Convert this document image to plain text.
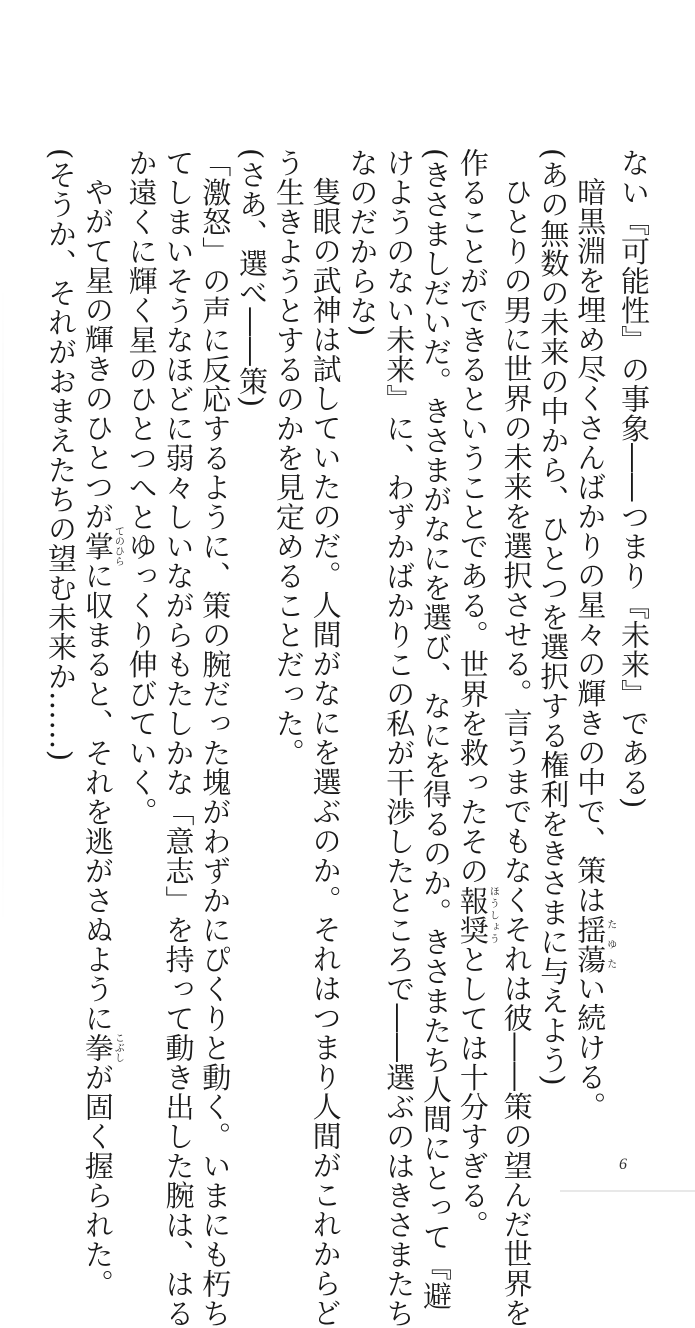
ない『可能性』の事象――つまり『未来』である)
暗黒淵を埋め尽くさんばかりの星々の輝きの中で、策は揺蕩たゆたい続ける。
(あの無数の未来の中から、ひとつを選択する権利をきさまに与えよう)
ひとりの男に世界の未来を選択させる。言うまでもなくそれは彼――策の望んだ世界を
作ることができるということである。世界を救ったその報奨ほうしょうとしては十分すぎる。
(きさましだいだ。きさまがなにを選び、なにを得るのか。きさまたち人間にとって『避
けようのない未来』に、わずかばかりこの私が干渉したところで――選ぶのはきさまたち
なのだからな)
隻眼の武神は試していたのだ。人間がなにを選ぶのか。それはつまり人間がこれからど
う生きようとするのかを見定めることだった。
(さあ、選べ――策)
「激怒」の声に反応するように、策の腕だった塊がわずかにぴくりと動く。いまにも朽ち
てしまいそうなほどに弱々しいながらもたしかな「意志」を持って動き出した腕は、はる
か遠くに輝く星のひとつへとゆっくり伸びていく。
やがて星の輝きのひとつが掌てのひらに収まると、それを逃がさぬように拳こぶしが固く握られた。
(そうか、それがおまえたちの望む未来か……)
6
